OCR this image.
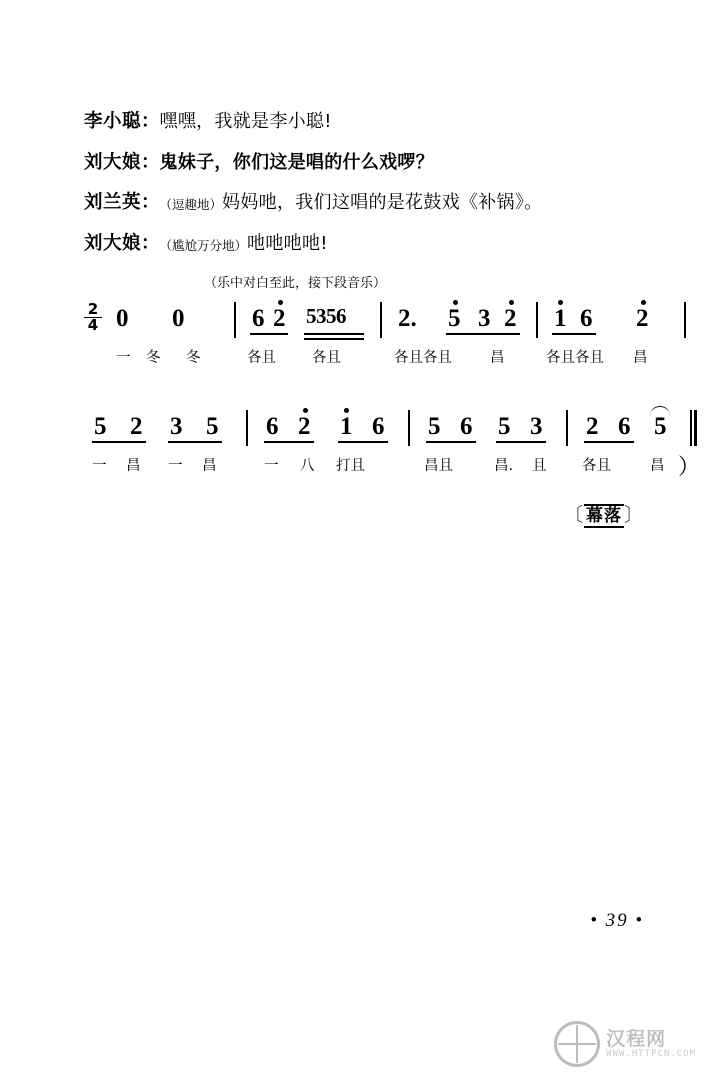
李小聪 ： 嘿嘿，我就是李小聪!
刘大娘 ： 鬼妹子，你们这是唱的什么戏啰？
刘兰英 ： （逗趣地） 妈妈吔，我们这唱的是花鼓戏《补锅》。
刘大娘 ： （尴尬万分地） 吔吔吔吔!
（乐中对白至此，接下段音乐）
$\frac{2}{4} 0$ 0	6 2 5356 2. 5 3 2 1 6 2
一 冬 冬	各且 各且	各且各且	昌	各且各且 昌
5 2 3 5 6 2 1 6 5 6 5 3 2 6 5
一 昌 一 昌	一 八 打且	昌且	昌. 且 各且	昌 ）
〔 幕落 〕
• 39 •
汉程网
WWW.HTTPCN.COM
